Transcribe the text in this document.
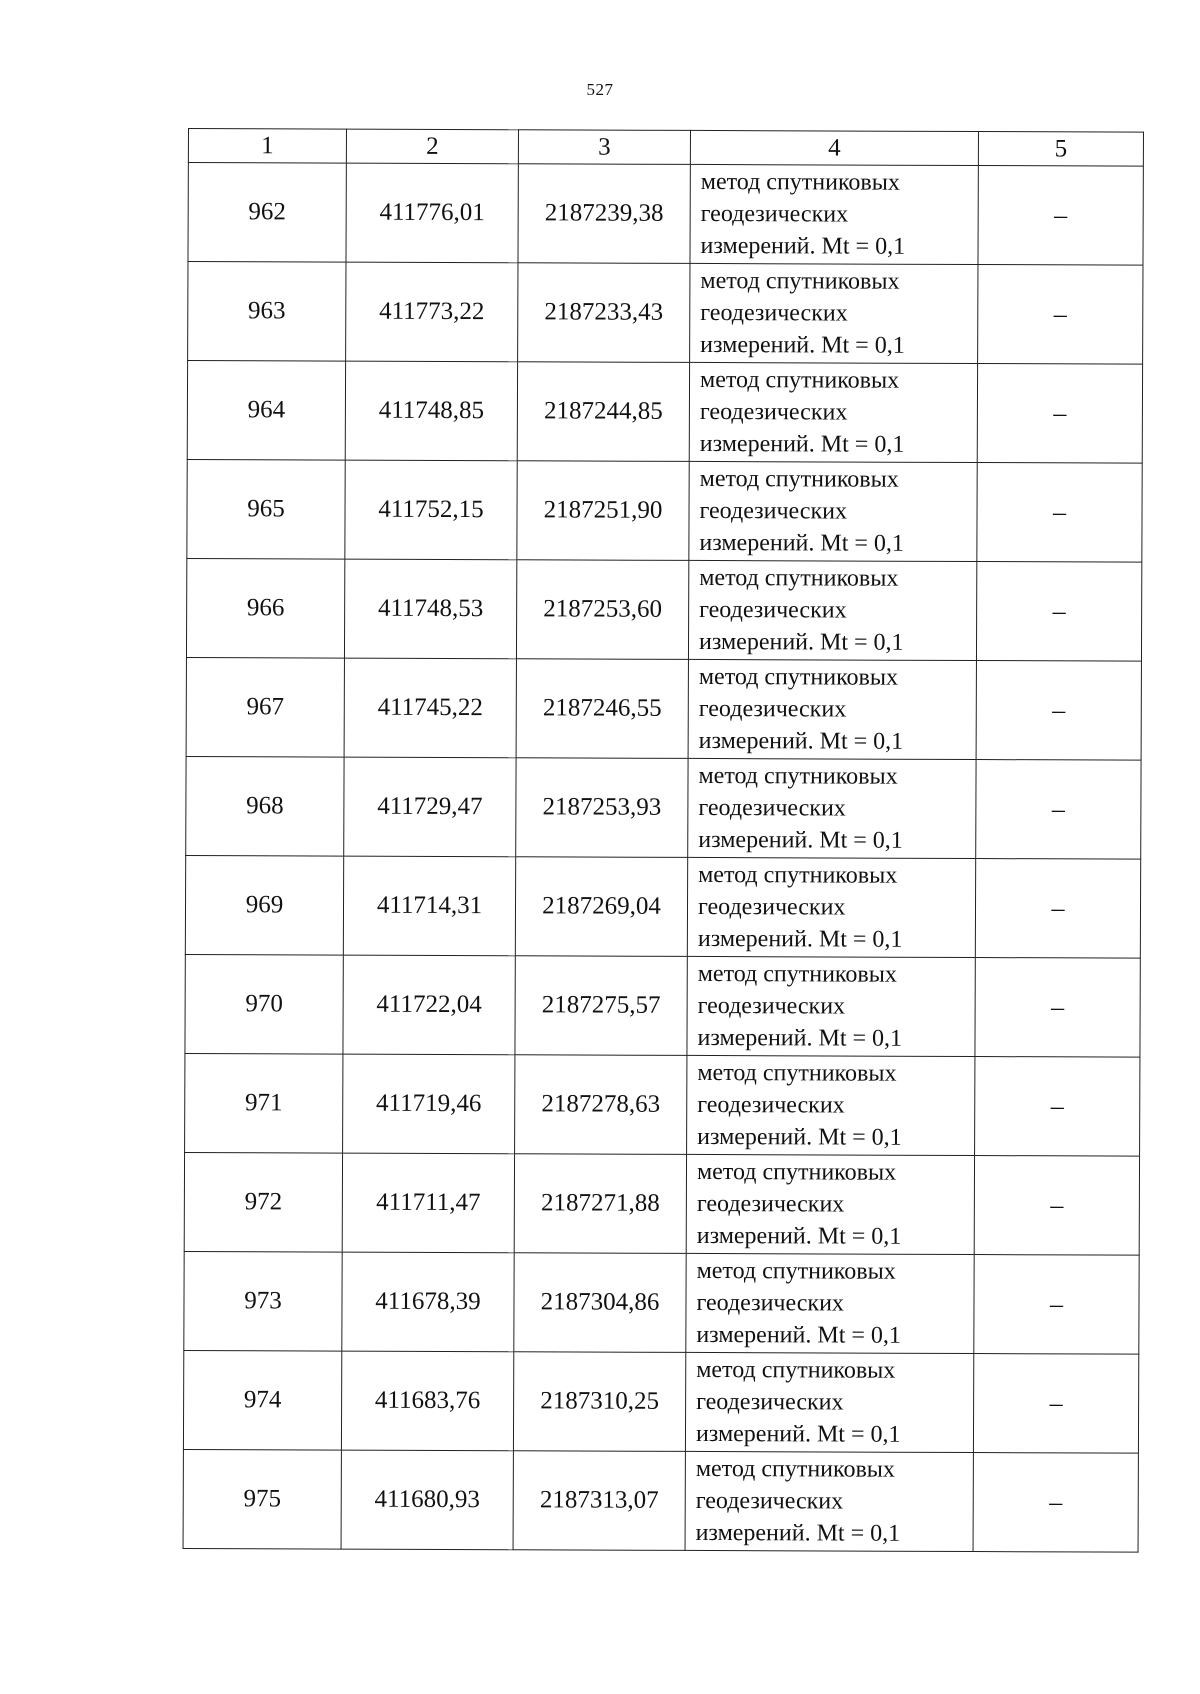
527
1	2	3	4	5
962	411776,01	2187239,38	метод спутниковых
геодезических
измерений. Mt = 0,1	–
963	411773,22	2187233,43	метод спутниковых
геодезических
измерений. Mt = 0,1	–
964	411748,85	2187244,85	метод спутниковых
геодезических
измерений. Mt = 0,1	–
965	411752,15	2187251,90	метод спутниковых
геодезических
измерений. Mt = 0,1	–
966	411748,53	2187253,60	метод спутниковых
геодезических
измерений. Mt = 0,1	–
967	411745,22	2187246,55	метод спутниковых
геодезических
измерений. Mt = 0,1	–
968	411729,47	2187253,93	метод спутниковых
геодезических
измерений. Mt = 0,1	–
969	411714,31	2187269,04	метод спутниковых
геодезических
измерений. Mt = 0,1	–
970	411722,04	2187275,57	метод спутниковых
геодезических
измерений. Mt = 0,1	–
971	411719,46	2187278,63	метод спутниковых
геодезических
измерений. Mt = 0,1	–
972	411711,47	2187271,88	метод спутниковых
геодезических
измерений. Mt = 0,1	–
973	411678,39	2187304,86	метод спутниковых
геодезических
измерений. Mt = 0,1	–
974	411683,76	2187310,25	метод спутниковых
геодезических
измерений. Mt = 0,1	–
975	411680,93	2187313,07	метод спутниковых
геодезических
измерений. Mt = 0,1	–
